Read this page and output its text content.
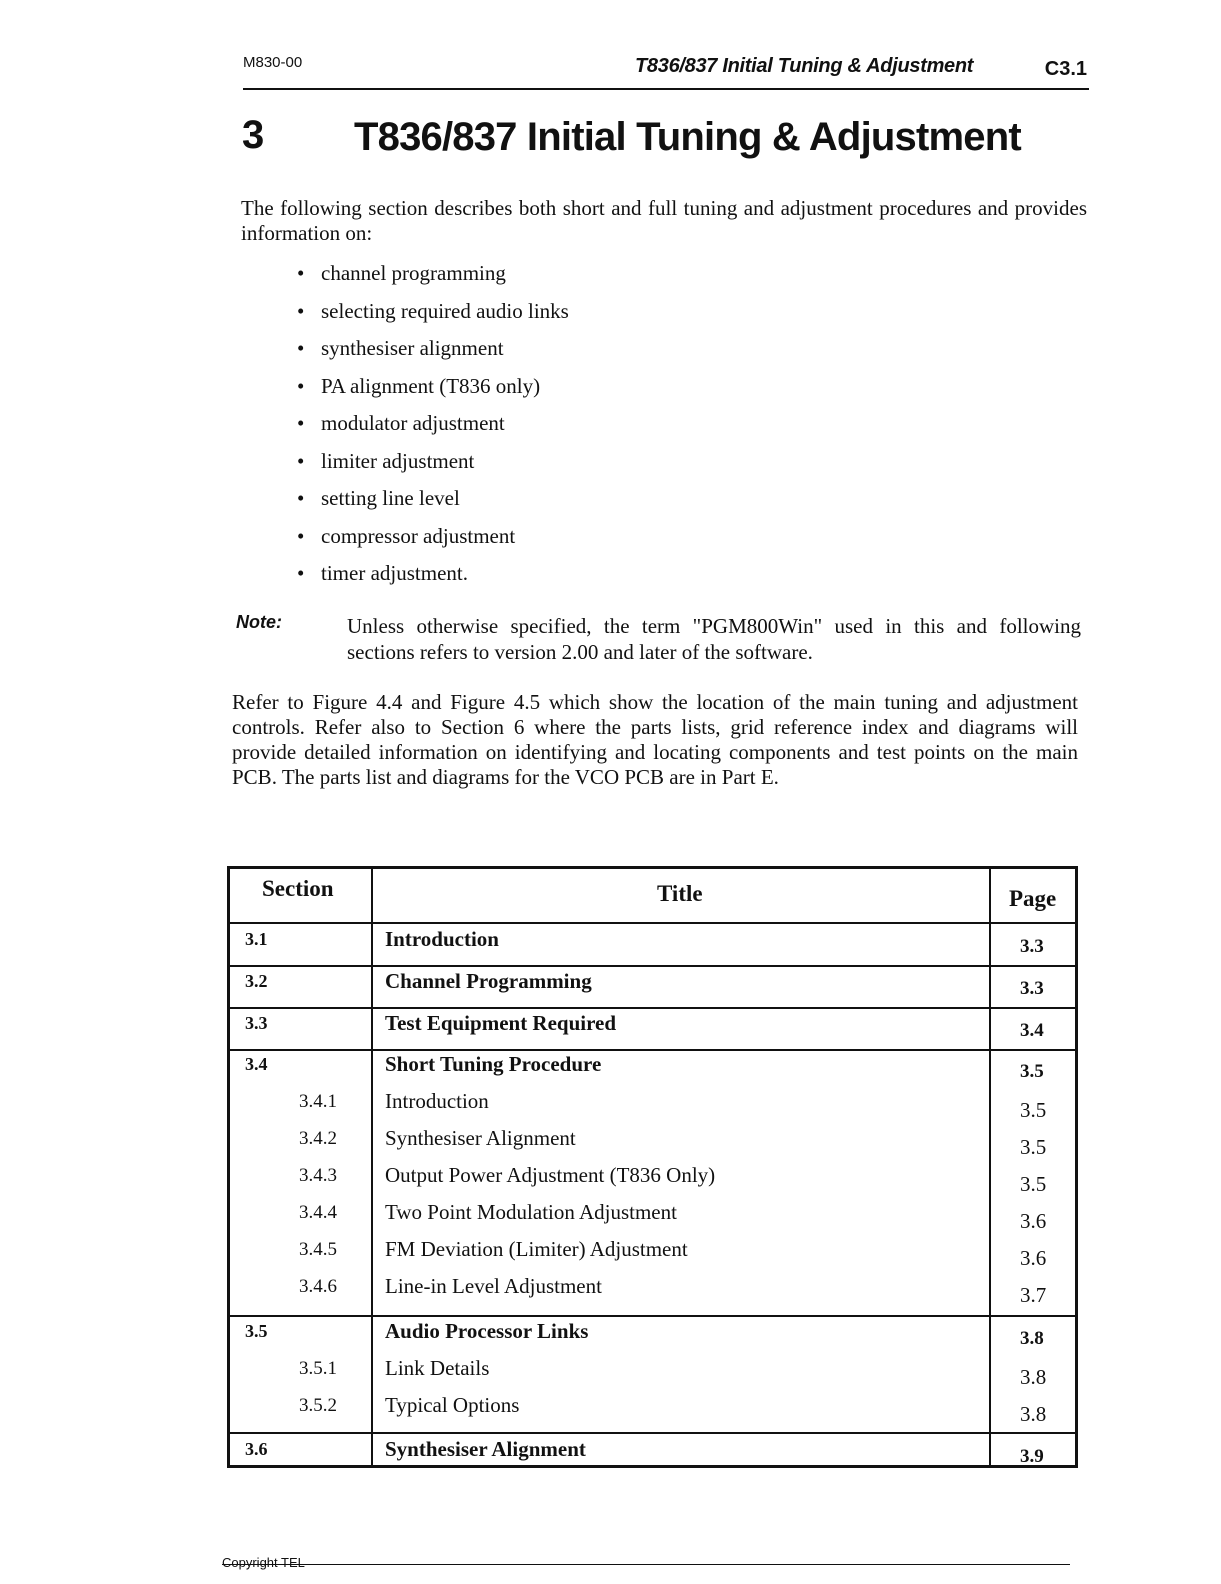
M830-00	T836/837 Initial Tuning & Adjustment	C3.1
3 T836/837 Initial Tuning & Adjustment

The following section describes both short and full tuning and adjustment procedures and provides information on:

• channel programming
• selecting required audio links
• synthesiser alignment
• PA alignment (T836 only)
• modulator adjustment
• limiter adjustment
• setting line level
• compressor adjustment
• timer adjustment.
Note:	Unless otherwise specified, the term "PGM800Win" used in this and following sections refers to version 2.00 and later of the software.

Refer to Figure 4.4 and Figure 4.5 which show the location of the main tuning and adjustment controls. Refer also to Section 6 where the parts lists, grid reference index and diagrams will provide detailed information on identifying and locating components and test points on the main PCB. The parts list and diagrams for the VCO PCB are in Part E.

Section	Title	Page
3.1	Introduction	3.3
3.2	Channel Programming	3.3
3.3	Test Equipment Required	3.4
3.4	Short Tuning Procedure	3.5
3.4.1 Introduction	3.5
3.4.2 Synthesiser Alignment	3.5
3.4.3 Output Power Adjustment (T836 Only)	3.5
3.4.4 Two Point Modulation Adjustment	3.6
3.4.5 FM Deviation (Limiter) Adjustment	3.6
3.4.6 Line-in Level Adjustment	3.7
3.5	Audio Processor Links	3.8
3.5.1 Link Details	3.8
3.5.2 Typical Options	3.8
3.6	Synthesiser Alignment	3.9
Copyright TEL
